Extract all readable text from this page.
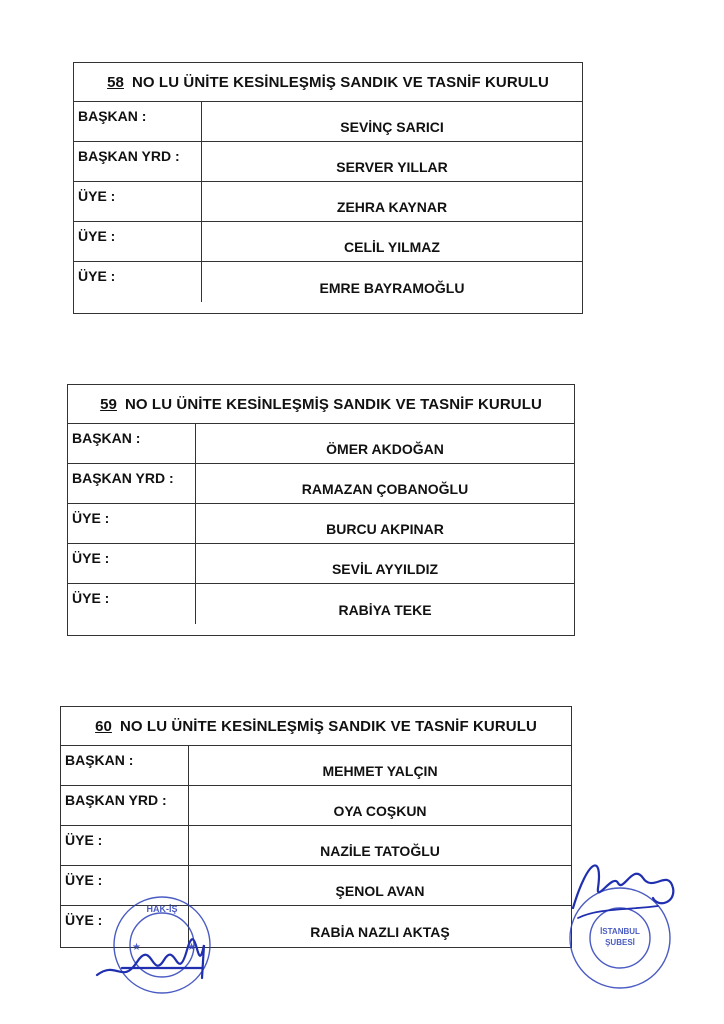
58 NO LU ÜNİTE KESİNLEŞMİŞ SANDIK VE TASNİF KURULU
BAŞKAN :
SEVİNÇ SARICI
BAŞKAN YRD :
SERVER YILLAR
ÜYE :
ZEHRA KAYNAR
ÜYE :
CELİL YILMAZ
ÜYE :
EMRE BAYRAMOĞLU
59 NO LU ÜNİTE KESİNLEŞMİŞ SANDIK VE TASNİF KURULU
BAŞKAN :
ÖMER AKDOĞAN
BAŞKAN YRD :
RAMAZAN ÇOBANOĞLU
ÜYE :
BURCU AKPINAR
ÜYE :
SEVİL AYYILDIZ
ÜYE :
RABİYA TEKE
60 NO LU ÜNİTE KESİNLEŞMİŞ SANDIK VE TASNİF KURULU
BAŞKAN :
MEHMET YALÇIN
BAŞKAN YRD :
OYA COŞKUN
ÜYE :
NAZİLE TATOĞLU
ÜYE :
ŞENOL AVAN
ÜYE :
RABİA NAZLI AKTAŞ
HAK-İŞ
★	★
İSTANBUL
ŞUBESİ
